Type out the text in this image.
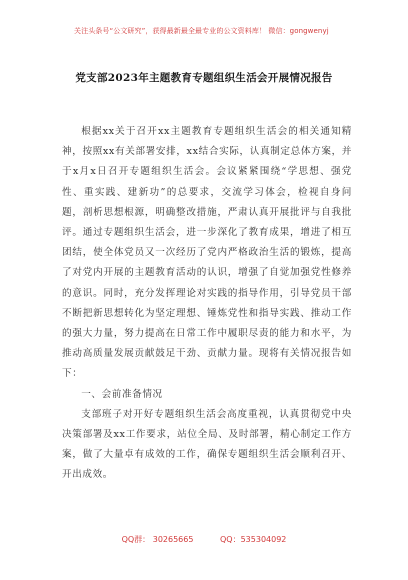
关注头条号“公文研究”，获得最新最全最专业的公文资料库！ 微信：gongwenyj
党支部2023年主题教育专题组织生活会开展情况报告

根据xx关于召开xx主题教育专题组织生活会的相关通知精神，按照xx有关部署安排，xx结合实际，认真制定总体方案，并于x月x日召开专题组织生活会。会议紧紧围绕“学思想、强党性、重实践、建新功”的总要求，交流学习体会，检视自身问题，剖析思想根源，明确整改措施，严肃认真开展批评与自我批评。通过专题组织生活会，进一步深化了教育成果，增进了相互团结，使全体党员又一次经历了党内严格政治生活的锻炼，提高了对党内开展的主题教育活动的认识，增强了自觉加强党性修养的意识。同时，充分发挥理论对实践的指导作用，引导党员干部不断把新思想转化为坚定理想、锤炼党性和指导实践、推动工作的强大力量，努力提高在日常工作中履职尽责的能力和水平，为推动高质量发展贡献鼓足干劲、贡献力量。现将有关情况报告如下：

一、会前准备情况

支部班子对开好专题组织生活会高度重视，认真贯彻党中央决策部署及xx工作要求，站位全局、及时部署，精心制定工作方案，做了大量卓有成效的工作，确保专题组织生活会顺利召开、开出成效。

QQ群： 30265665	QQ：535304092
